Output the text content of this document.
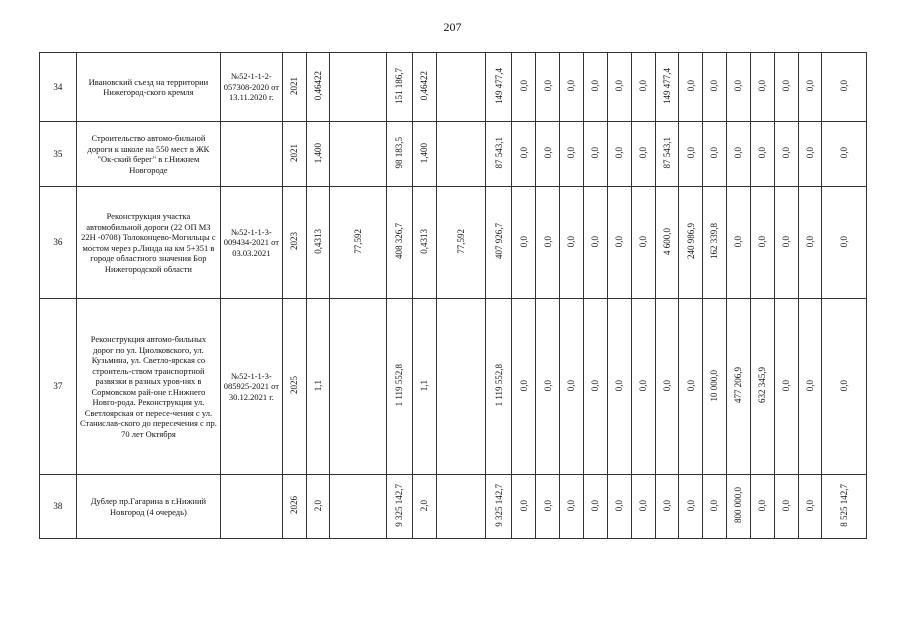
207
34	Ивановский съезд на территории Нижегород-ского кремля	№52-1-1-2-057308-2020 от 13.11.2020 г.	2021	0,46422		151 186,7	0,46422		149 477,4	0,0	0,0	0,0	0,0	0,0	0,0	149 477,4	0,0	0,0	0,0	0,0	0,0	0,0	0,0
35	Строительство автомо-бильной дороги к школе на 550 мест в ЖК "Ок-ский берег" в г.Нижнем Новгороде		2021	1,400		98 183,5	1,400		87 543,1	0,0	0,0	0,0	0,0	0,0	0,0	87 543,1	0,0	0,0	0,0	0,0	0,0	0,0	0,0
36	Реконструкция участка автомобильной дороги (22 ОП МЗ 22Н -0708) Толоконцево-Могильцы с мостом через р.Линда на км 5+351 в городе областного значения Бор Нижегородской области	№52-1-1-3-009434-2021 от 03.03.2021	2023	0,4313	77,592	408 326,7	0,4313	77,592	407 926,7	0,0	0,0	0,0	0,0	0,0	0,0	4 600,0	240 986,9	162 339,8	0,0	0,0	0,0	0,0	0,0
37	Реконструкция автомо-бильных дорог по ул. Циолковского, ул. Кузьмина, ул. Светло-ярская со строитель-ством транспортной развязки в разных уров-нях в Сормовском рай-оне г.Нижнего Новго-рода. Реконструкция ул. Светлоярская от пересе-чения с ул. Станислав-ского до пересечения с пр. 70 лет Октября	№52-1-1-3-085925-2021 от 30.12.2021 г.	2025	1,1		1 119 552,8	1,1		1 119 552,8	0,0	0,0	0,0	0,0	0,0	0,0	0,0	0,0	10 000,0	477 206,9	632 345,9	0,0	0,0	0,0
38	Дублер пр.Гагарина в г.Нижний Новгород (4 очередь)		2026	2,0		9 325 142,7	2,0		9 325 142,7	0,0	0,0	0,0	0,0	0,0	0,0	0,0	0,0	0,0	800 000,0	0,0	0,0	0,0	8 525 142,7
